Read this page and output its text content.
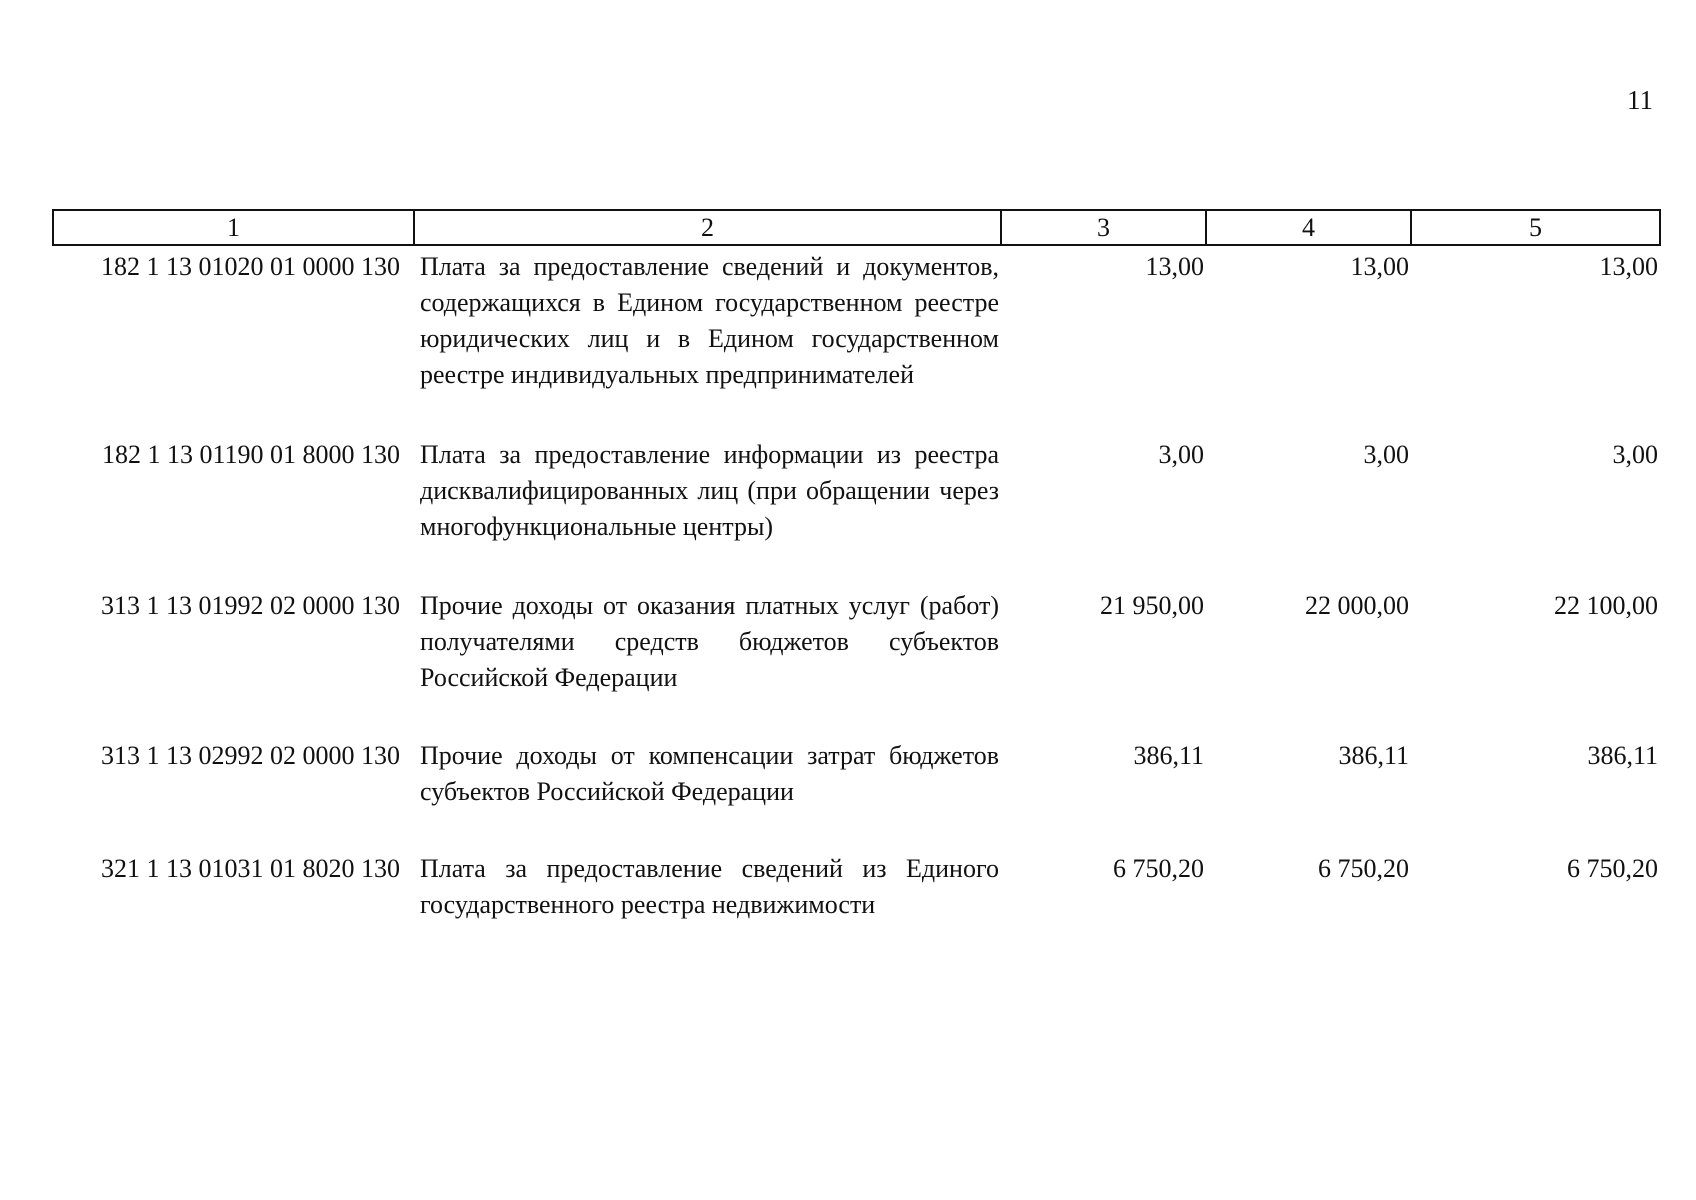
11
1	2	3	4	5
182 1 13 01020 01 0000 130	Плата за предоставление сведений и документов, содержащихся в Едином государственном реестре юридических лиц и в Едином государственном реестре индивидуальных предпринимателей	13,00	13,00	13,00
182 1 13 01190 01 8000 130	Плата за предоставление информации из реестра дисквалифицированных лиц (при обращении через многофункциональные центры)	3,00	3,00	3,00
313 1 13 01992 02 0000 130	Прочие доходы от оказания платных услуг (работ) получателями средств бюджетов субъектов Российской Федерации	21 950,00	22 000,00	22 100,00
313 1 13 02992 02 0000 130	Прочие доходы от компенсации затрат бюджетов субъектов Российской Федерации	386,11	386,11	386,11
321 1 13 01031 01 8020 130	Плата за предоставление сведений из Единого государственного реестра недвижимости	6 750,20	6 750,20	6 750,20
